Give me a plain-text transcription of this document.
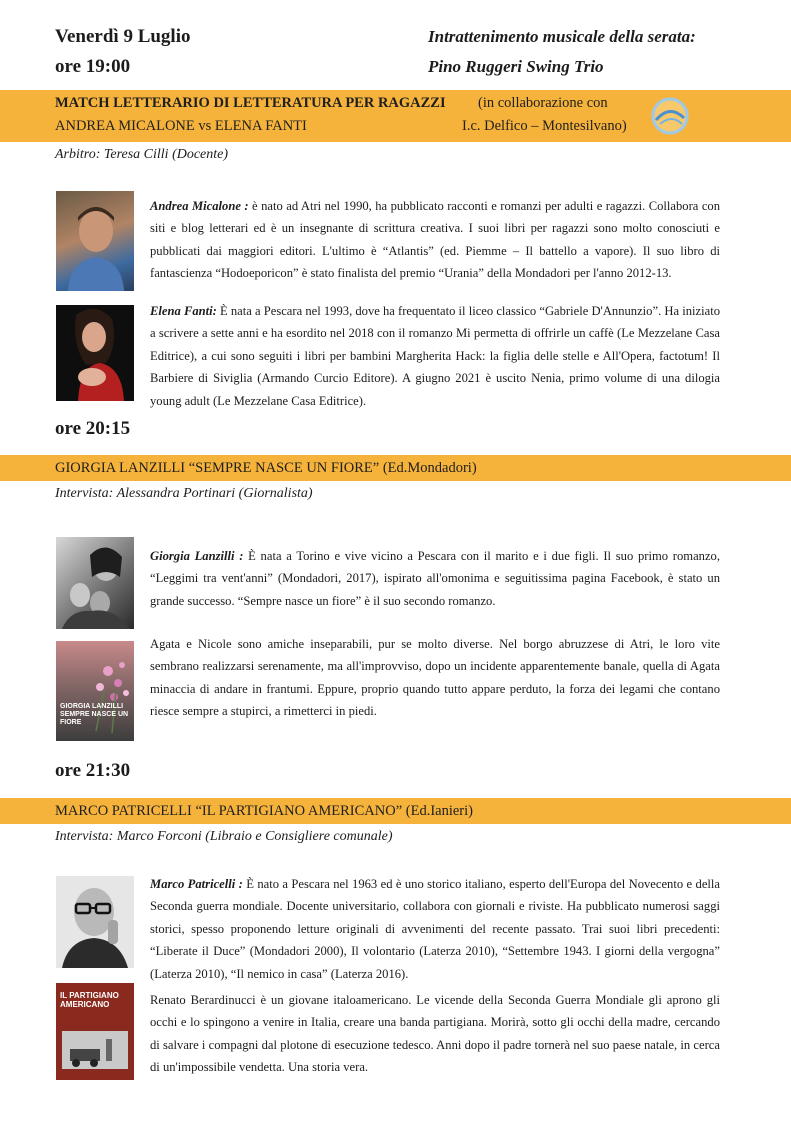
Venerdì 9 Luglio
ore 19:00
Intrattenimento musicale della serata:
Pino Ruggeri Swing Trio
MATCH LETTERARIO DI LETTERATURA PER RAGAZZI (in collaborazione con
ANDREA MICALONE vs ELENA FANTI	I.c. Delfico – Montesilvano)
Arbitro: Teresa Cilli (Docente)
Andrea Micalone : è nato ad Atri nel 1990, ha pubblicato racconti e romanzi per adulti e ragazzi. Collabora con siti e blog letterari ed è un insegnante di scrittura creativa. I suoi libri per ragazzi sono molto conosciuti e pubblicati dai maggiori editori. L'ultimo è “Atlantis” (ed. Piemme – Il battello a vapore). Il suo libro di fantascienza “Hodoeporicon” è stato finalista del premio “Urania” della Mondadori per l'anno 2012-13.
Elena Fanti: È nata a Pescara nel 1993, dove ha frequentato il liceo classico “Gabriele D'Annunzio”. Ha iniziato a scrivere a sette anni e ha esordito nel 2018 con il romanzo Mi permetta di offrirle un caffè (Le Mezzelane Casa Editrice), a cui sono seguiti i libri per bambini Margherita Hack: la figlia delle stelle e All'Opera, factotum! Il Barbiere di Siviglia (Armando Curcio Editore). A giugno 2021 è uscito Nenia, primo volume di una dilogia young adult (Le Mezzelane Casa Editrice).
ore 20:15
GIORGIA LANZILLI “SEMPRE NASCE UN FIORE” (Ed.Mondadori)
Intervista: Alessandra Portinari (Giornalista)
Giorgia Lanzilli : È nata a Torino e vive vicino a Pescara con il marito e i due figli. Il suo primo romanzo, “Leggimi tra vent'anni” (Mondadori, 2017), ispirato all'omonima e seguitissima pagina Facebook, è stato un grande successo. “Sempre nasce un fiore” è il suo secondo romanzo.
GIORGIA LANZILLI SEMPRE NASCE UN FIORE
Agata e Nicole sono amiche inseparabili, pur se molto diverse. Nel borgo abruzzese di Atri, le loro vite sembrano realizzarsi serenamente, ma all'improvviso, dopo un incidente apparentemente banale, quella di Agata minaccia di andare in frantumi. Eppure, proprio quando tutto appare perduto, la forza dei legami che contano riesce sempre a stupirci, a rimetterci in piedi.
ore 21:30
MARCO PATRICELLI “IL PARTIGIANO AMERICANO” (Ed.Ianieri)
Intervista: Marco Forconi (Libraio e Consigliere comunale)
Marco Patricelli : È nato a Pescara nel 1963 ed è uno storico italiano, esperto dell'Europa del Novecento e della Seconda guerra mondiale. Docente universitario, collabora con giornali e riviste. Ha pubblicato numerosi saggi storici, spesso proponendo letture originali di avvenimenti del recente passato. Trai suoi libri precedenti: “Liberate il Duce” (Mondadori 2000), Il volontario (Laterza 2010), “Settembre 1943. I giorni della vergogna” (Laterza 2010), “Il nemico in casa” (Laterza 2016).
IL PARTIGIANO AMERICANO	Renato Berardinucci è un giovane italoamericano. Le vicende della Seconda Guerra Mondiale gli aprono gli occhi e lo spingono a venire in Italia, creare una banda partigiana. Morirà, sotto gli occhi della madre, cercando di salvare i compagni dal plotone di esecuzione tedesco. Anni dopo il padre tornerà nel suo paese natale, in cerca di un'impossibile vendetta. Una storia vera.
